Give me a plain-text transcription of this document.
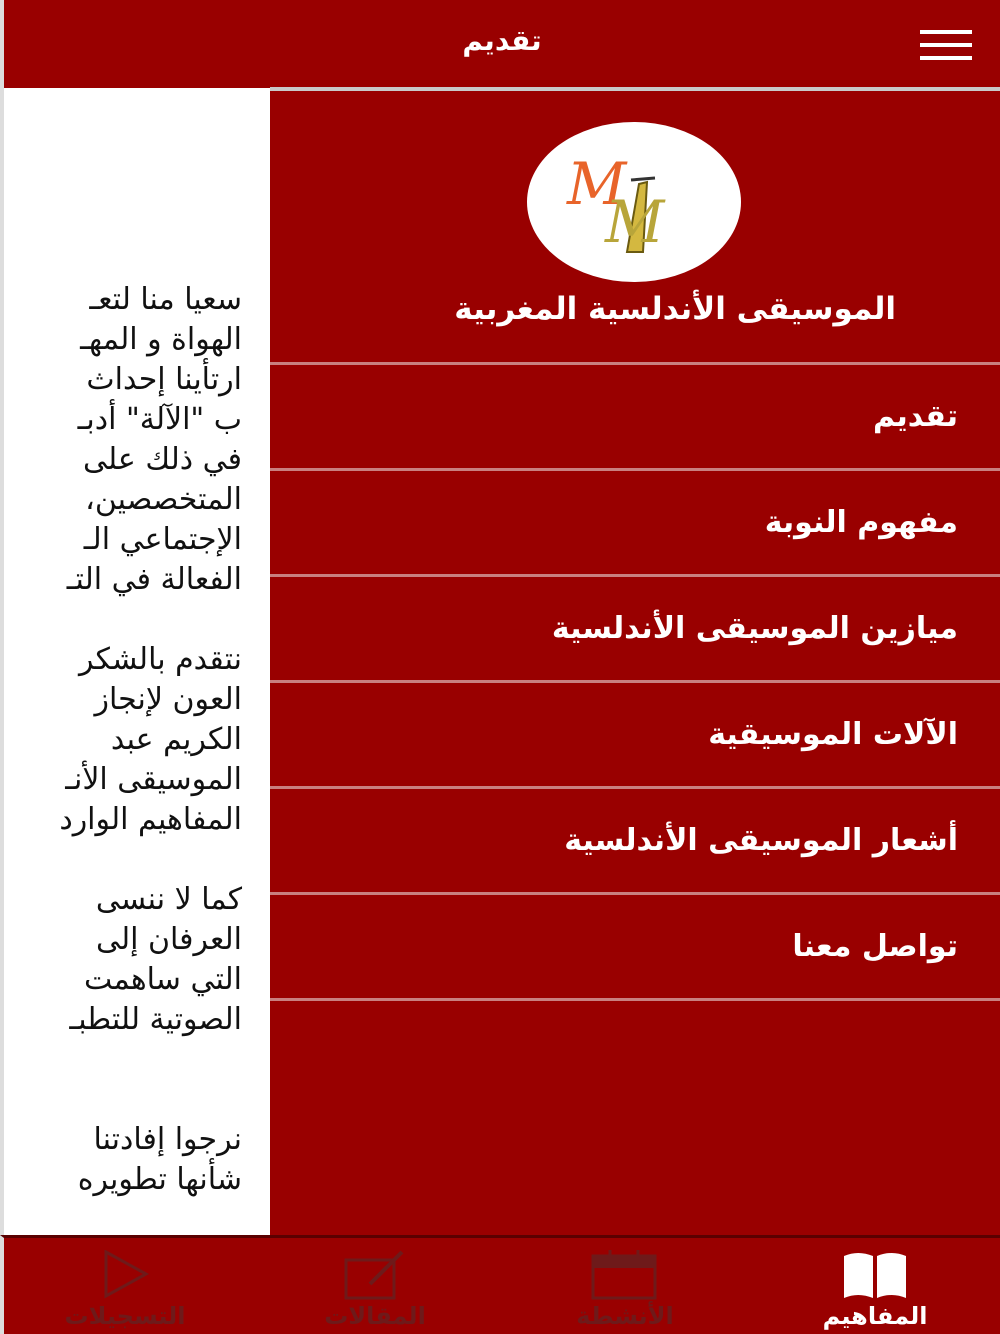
تقديم
سعيا منا لتعـ
الهواة و المهـ
ارتأينا إحداث
ب "الآلة" أدبـ
في ذلك على
المتخصصين،
الإجتماعي الـ
الفعالة في التـ
نتقدم بالشكر
العون لإنجاز
الكريم عبد
الموسيقى الأنـ
المفاهيم الوارد
كما لا ننسى
العرفان إلى
التي ساهمت
الصوتية للتطبـ
نرجوا إفادتنا
شأنها تطويره
M
M
الموسيقى الأندلسية المغربية
تقديم
مفهوم النوبة
ميازين الموسيقى الأندلسية
الآلات الموسيقية
أشعار الموسيقى الأندلسية
تواصل معنا
المفاهيم
الأنشطة
المقالات
التسجيلات
